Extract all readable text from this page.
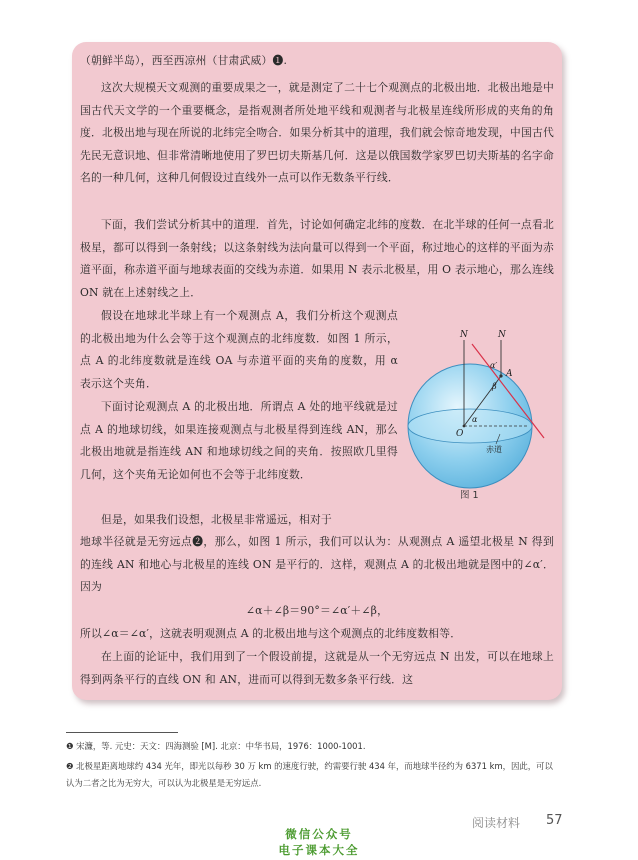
（朝鲜半岛），西至西凉州（甘肃武威）❶.

这次大规模天文观测的重要成果之一，就是测定了二十七个观测点的北极出地．北极出地是中国古代天文学的一个重要概念，是指观测者所处地平线和观测者与北极星连线所形成的夹角的角度．北极出地与现在所说的北纬完全吻合．如果分析其中的道理，我们就会惊奇地发现，中国古代先民无意识地、但非常清晰地使用了罗巴切夫斯基几何．这是以俄国数学家罗巴切夫斯基的名字命名的一种几何，这种几何假设过直线外一点可以作无数条平行线．

下面，我们尝试分析其中的道理．首先，讨论如何确定北纬的度数．在北半球的任何一点看北极星，都可以得到一条射线；以这条射线为法向量可以得到一个平面，称过地心的这样的平面为赤道平面，称赤道平面与地球表面的交线为赤道．如果用 N 表示北极星，用 O 表示地心，那么连线 ON 就在上述射线之上．

假设在地球北半球上有一个观测点 A，我们分析这个观测点的北极出地为什么会等于这个观测点的北纬度数．如图 1 所示，点 A 的北纬度数就是连线 OA 与赤道平面的夹角的度数，用 α 表示这个夹角．

下面讨论观测点 A 的北极出地．所谓点 A 处的地平线就是过点 A 的地球切线，如果连接观测点与北极星得到连线 AN，那么北极出地就是指连线 AN 和地球切线之间的夹角．按照欧几里得几何，这个夹角无论如何也不会等于北纬度数．

但是，如果我们设想，北极星非常遥远，相对于

地球半径就是无穷远点❷，那么，如图 1 所示，我们可以认为：从观测点 A 遥望北极星 N 得到的连线 AN 和地心与北极星的连线 ON 是平行的．这样，观测点 A 的北极出地就是图中的∠α′．因为

∠α＋∠β＝90°＝∠α′＋∠β，

所以∠α＝∠α′，这就表明观测点 A 的北极出地与这个观测点的北纬度数相等．

在上面的论证中，我们用到了一个假设前提，这就是从一个无穷远点 N 出发，可以在地球上得到两条平行的直线 ON 和 AN，进而可以得到无数多条平行线．这

N	N
A
O
α′
β
α
赤道
图 1

❶ 宋濂，等. 元史：天文：四海测验 [M]. 北京：中华书局，1976：1000-1001.

❷ 北极星距离地球约 434 光年，即光以每秒 30 万 km 的速度行驶，约需要行驶 434 年，而地球半径约为 6371 km，因此，可以认为二者之比为无穷大，可以认为北极星是无穷远点.

阅读材料 57
微信公众号
电子课本大全
